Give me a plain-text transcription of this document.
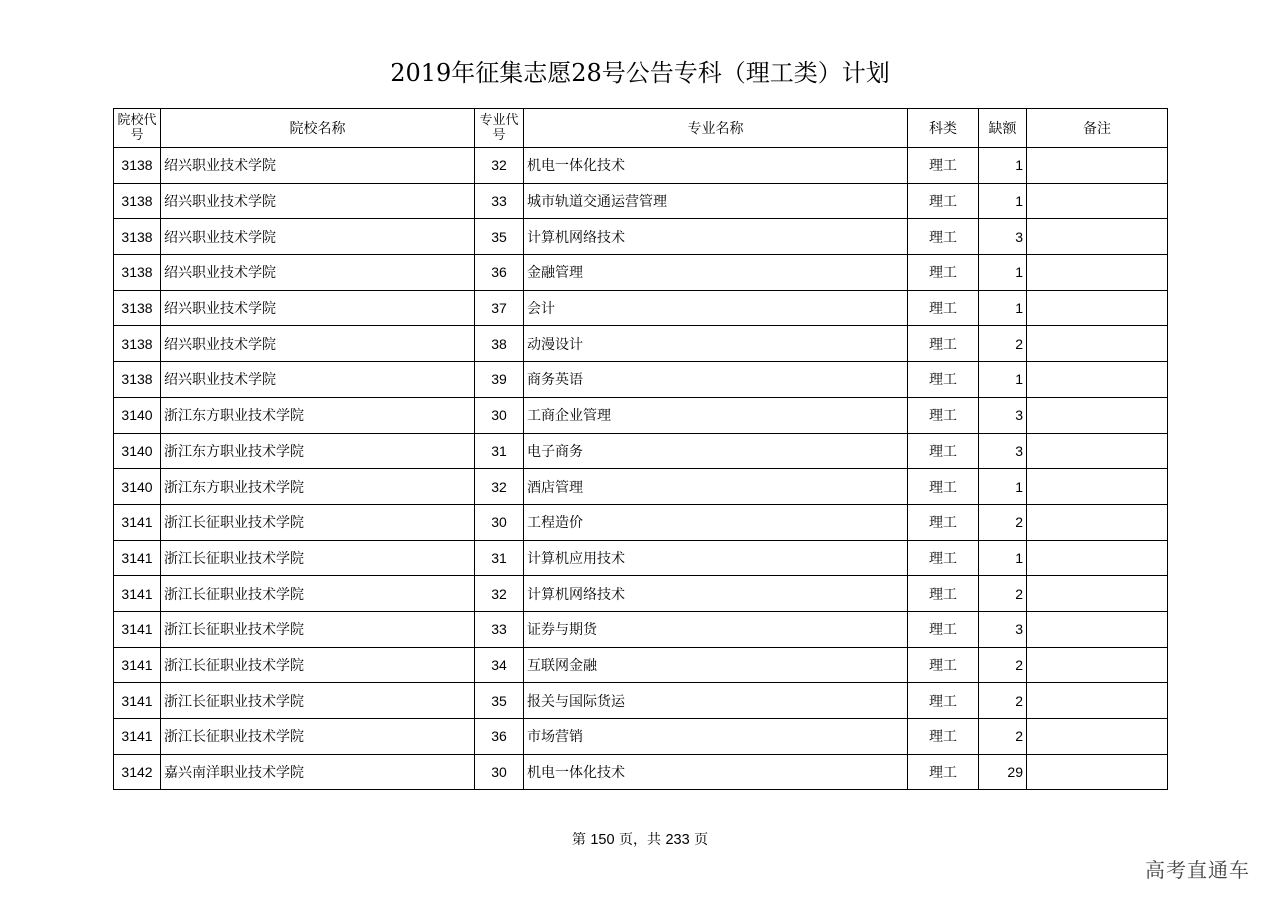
2019年征集志愿28号公告专科（理工类）计划
院校代号	院校名称	专业代号	专业名称	科类	缺额	备注
3138	绍兴职业技术学院	32	机电一体化技术	理工	1	
3138	绍兴职业技术学院	33	城市轨道交通运营管理	理工	1	
3138	绍兴职业技术学院	35	计算机网络技术	理工	3	
3138	绍兴职业技术学院	36	金融管理	理工	1	
3138	绍兴职业技术学院	37	会计	理工	1	
3138	绍兴职业技术学院	38	动漫设计	理工	2	
3138	绍兴职业技术学院	39	商务英语	理工	1	
3140	浙江东方职业技术学院	30	工商企业管理	理工	3	
3140	浙江东方职业技术学院	31	电子商务	理工	3	
3140	浙江东方职业技术学院	32	酒店管理	理工	1	
3141	浙江长征职业技术学院	30	工程造价	理工	2	
3141	浙江长征职业技术学院	31	计算机应用技术	理工	1	
3141	浙江长征职业技术学院	32	计算机网络技术	理工	2	
3141	浙江长征职业技术学院	33	证券与期货	理工	3	
3141	浙江长征职业技术学院	34	互联网金融	理工	2	
3141	浙江长征职业技术学院	35	报关与国际货运	理工	2	
3141	浙江长征职业技术学院	36	市场营销	理工	2	
3142	嘉兴南洋职业技术学院	30	机电一体化技术	理工	29	
第 150 页，共 233 页
高考直通车
